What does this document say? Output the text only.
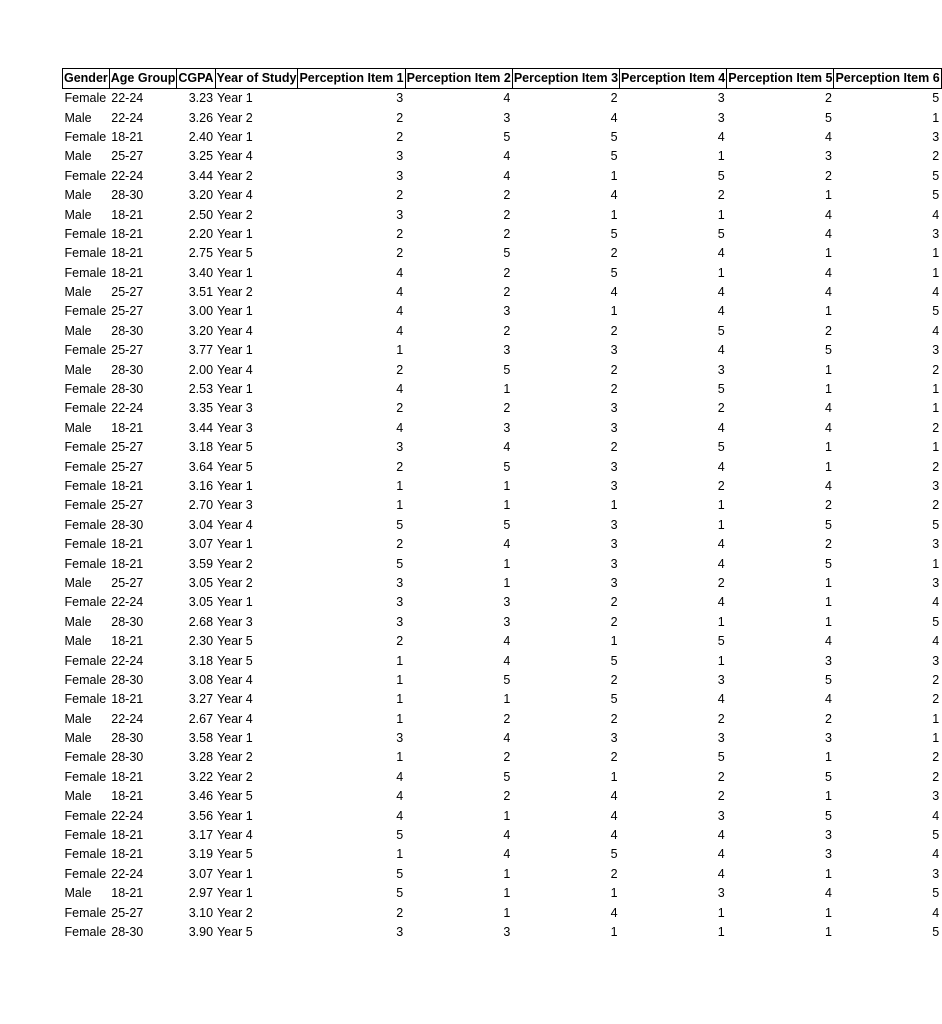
Gender	Age Group	CGPA	Year of Study	Perception Item 1	Perception Item 2	Perception Item 3	Perception Item 4	Perception Item 5	Perception Item 6

Female	22-24	3.23	Year 1	3	4	2	3	2	5
Male	22-24	3.26	Year 2	2	3	4	3	5	1
Female	18-21	2.40	Year 1	2	5	5	4	4	3
Male	25-27	3.25	Year 4	3	4	5	1	3	2
Female	22-24	3.44	Year 2	3	4	1	5	2	5
Male	28-30	3.20	Year 4	2	2	4	2	1	5
Male	18-21	2.50	Year 2	3	2	1	1	4	4
Female	18-21	2.20	Year 1	2	2	5	5	4	3
Female	18-21	2.75	Year 5	2	5	2	4	1	1
Female	18-21	3.40	Year 1	4	2	5	1	4	1
Male	25-27	3.51	Year 2	4	2	4	4	4	4
Female	25-27	3.00	Year 1	4	3	1	4	1	5
Male	28-30	3.20	Year 4	4	2	2	5	2	4
Female	25-27	3.77	Year 1	1	3	3	4	5	3
Male	28-30	2.00	Year 4	2	5	2	3	1	2
Female	28-30	2.53	Year 1	4	1	2	5	1	1
Female	22-24	3.35	Year 3	2	2	3	2	4	1
Male	18-21	3.44	Year 3	4	3	3	4	4	2
Female	25-27	3.18	Year 5	3	4	2	5	1	1
Female	25-27	3.64	Year 5	2	5	3	4	1	2
Female	18-21	3.16	Year 1	1	1	3	2	4	3
Female	25-27	2.70	Year 3	1	1	1	1	2	2
Female	28-30	3.04	Year 4	5	5	3	1	5	5
Female	18-21	3.07	Year 1	2	4	3	4	2	3
Female	18-21	3.59	Year 2	5	1	3	4	5	1
Male	25-27	3.05	Year 2	3	1	3	2	1	3
Female	22-24	3.05	Year 1	3	3	2	4	1	4
Male	28-30	2.68	Year 3	3	3	2	1	1	5
Male	18-21	2.30	Year 5	2	4	1	5	4	4
Female	22-24	3.18	Year 5	1	4	5	1	3	3
Female	28-30	3.08	Year 4	1	5	2	3	5	2
Female	18-21	3.27	Year 4	1	1	5	4	4	2
Male	22-24	2.67	Year 4	1	2	2	2	2	1
Male	28-30	3.58	Year 1	3	4	3	3	3	1
Female	28-30	3.28	Year 2	1	2	2	5	1	2
Female	18-21	3.22	Year 2	4	5	1	2	5	2
Male	18-21	3.46	Year 5	4	2	4	2	1	3
Female	22-24	3.56	Year 1	4	1	4	3	5	4
Female	18-21	3.17	Year 4	5	4	4	4	3	5
Female	18-21	3.19	Year 5	1	4	5	4	3	4
Female	22-24	3.07	Year 1	5	1	2	4	1	3
Male	18-21	2.97	Year 1	5	1	1	3	4	5
Female	25-27	3.10	Year 2	2	1	4	1	1	4
Female	28-30	3.90	Year 5	3	3	1	1	1	5
